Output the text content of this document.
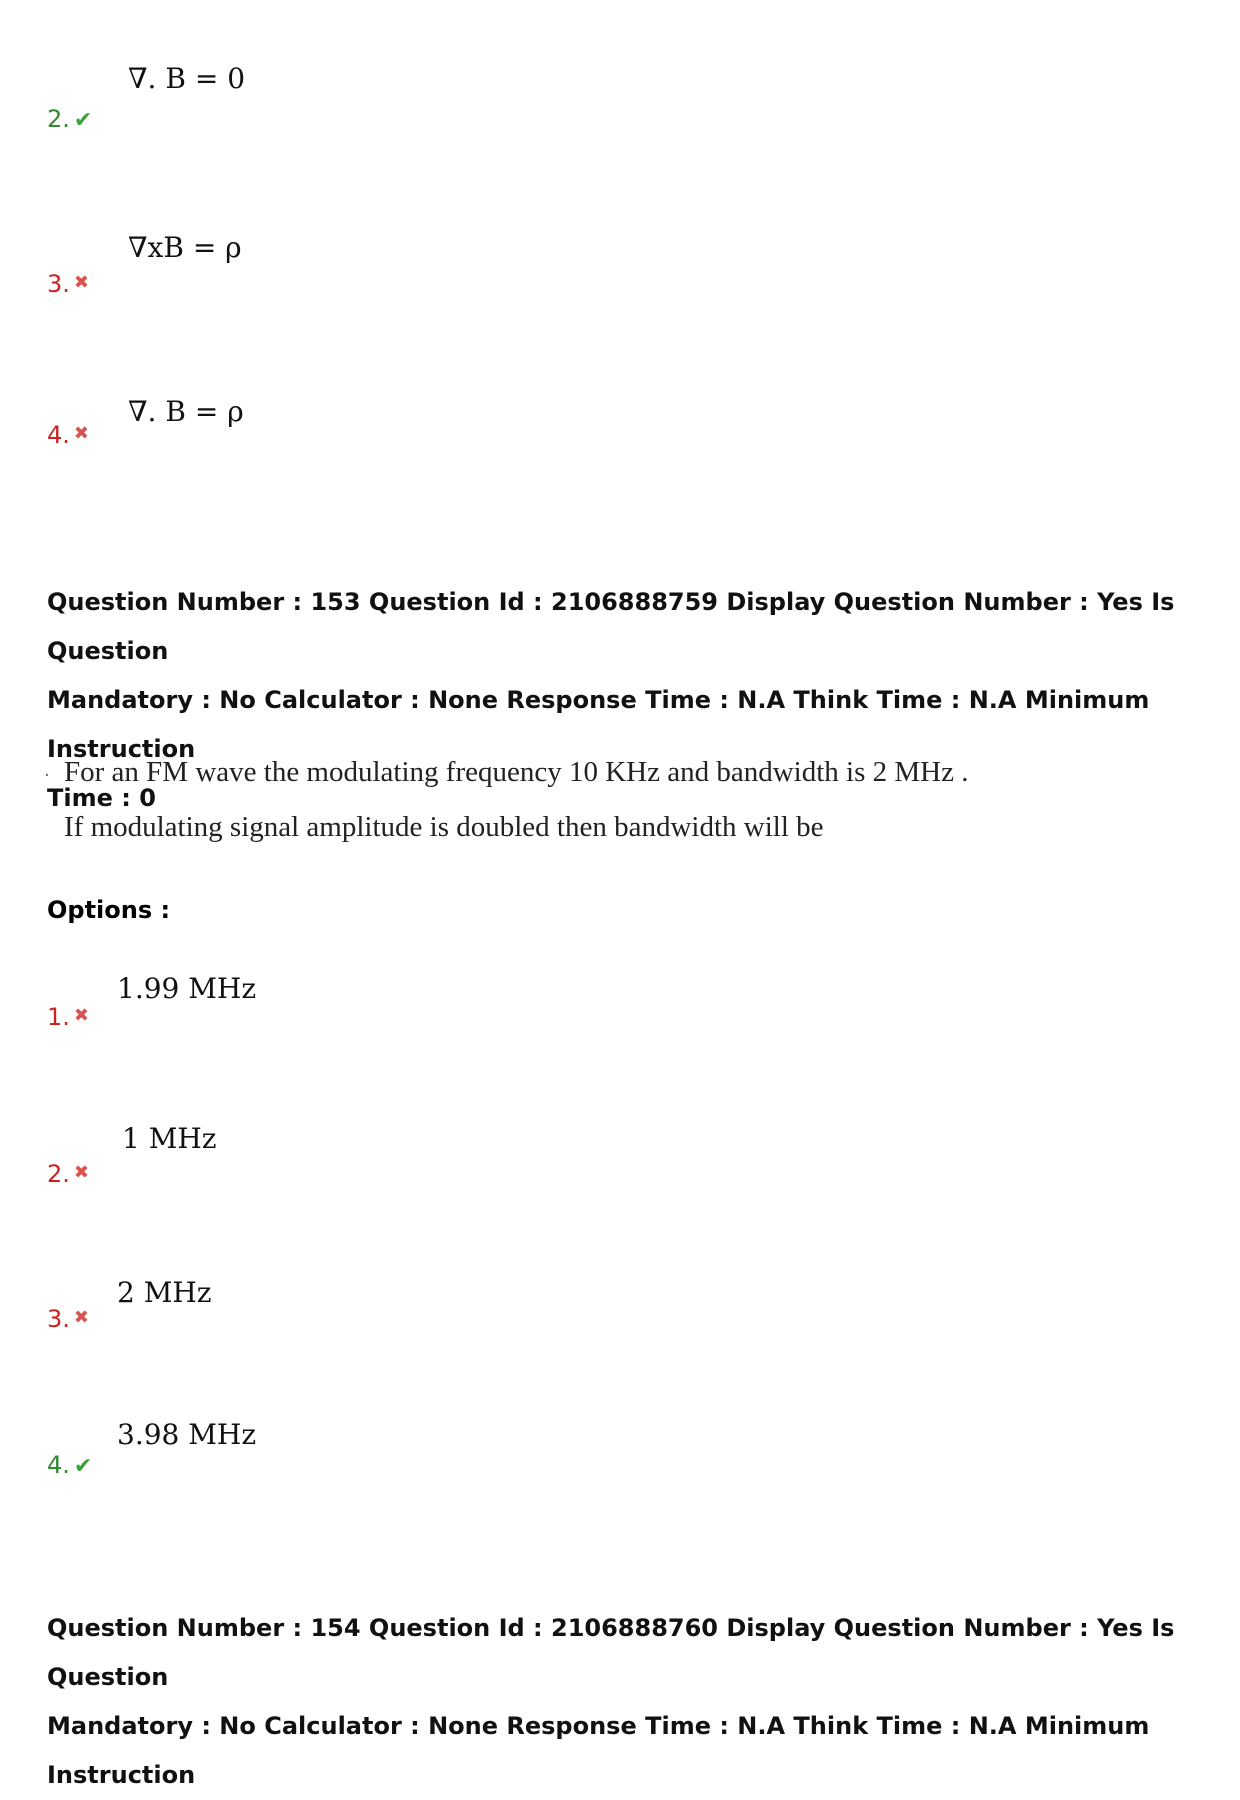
∇. B = 0
2. ✔
∇xB = ρ
3. ✖
∇. B = ρ
4. ✖
Question Number : 153 Question Id : 2106888759 Display Question Number : Yes Is Question
Mandatory : No Calculator : None Response Time : N.A Think Time : N.A Minimum Instruction
Time : 0
. For an FM wave the modulating frequency 10 KHz and bandwidth is 2 MHz .
If modulating signal amplitude is doubled then bandwidth will be
Options :
1.99 MHz
1. ✖
1 MHz
2. ✖
2 MHz
3. ✖
3.98 MHz
4. ✔
Question Number : 154 Question Id : 2106888760 Display Question Number : Yes Is Question
Mandatory : No Calculator : None Response Time : N.A Think Time : N.A Minimum Instruction
